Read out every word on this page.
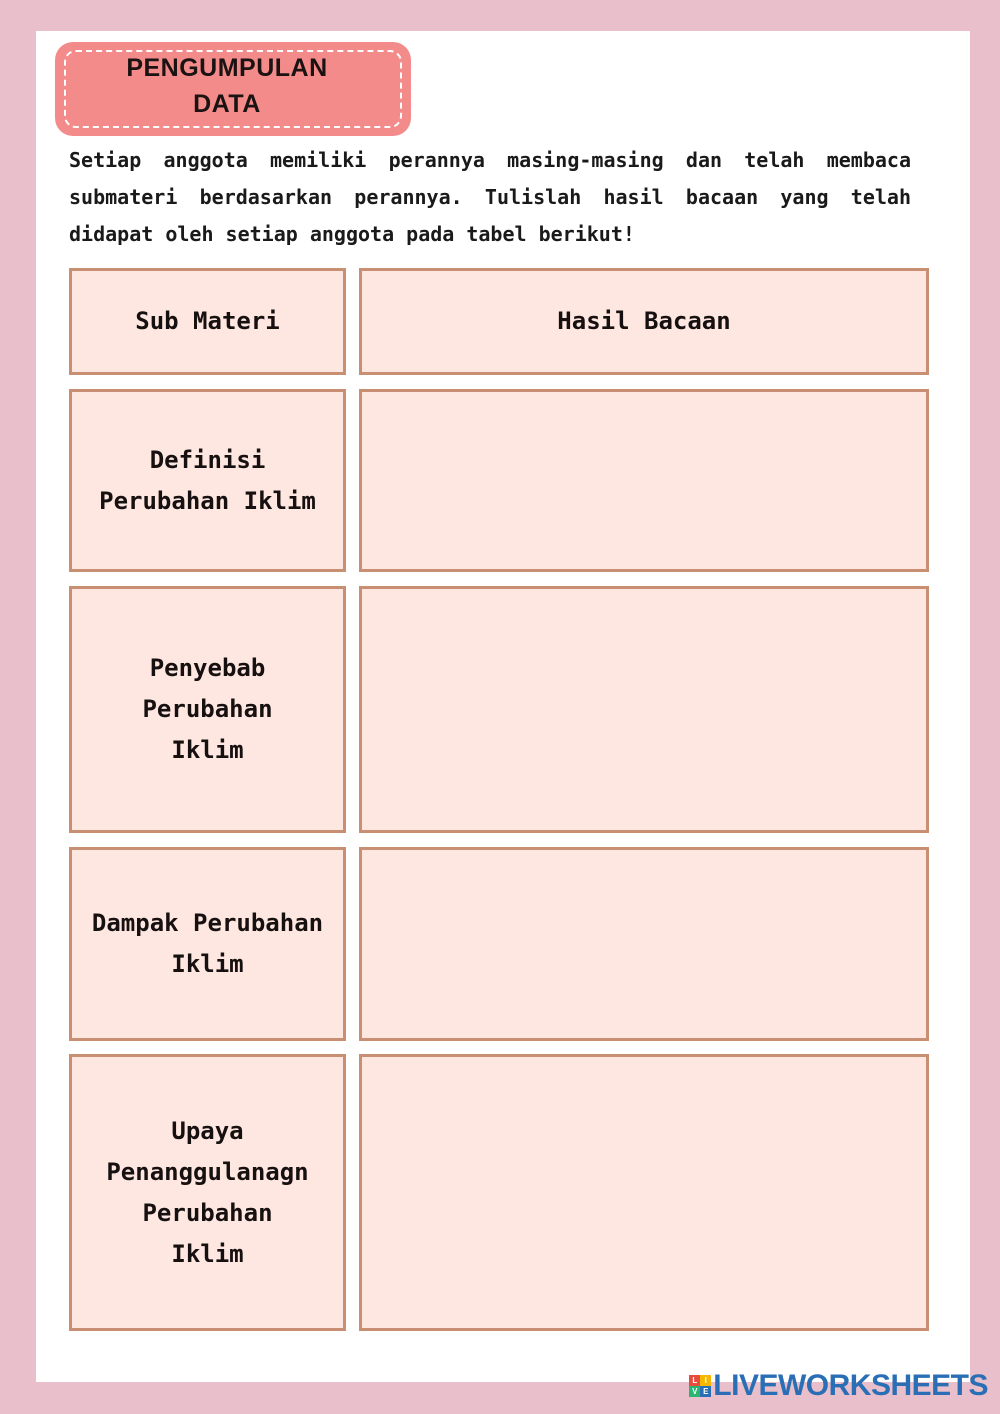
PENGUMPULAN
DATA

Setiap anggota memiliki perannya masing-masing dan telah membaca submateri berdasarkan perannya. Tulislah hasil bacaan yang telah didapat oleh setiap anggota pada tabel berikut!

Sub Materi	Hasil Bacaan
Definisi Perubahan Iklim
Penyebab Perubahan Iklim
Dampak Perubahan Iklim
Upaya Penanggulanagn Perubahan Iklim
L I
V E LIVEWORKSHEETS
